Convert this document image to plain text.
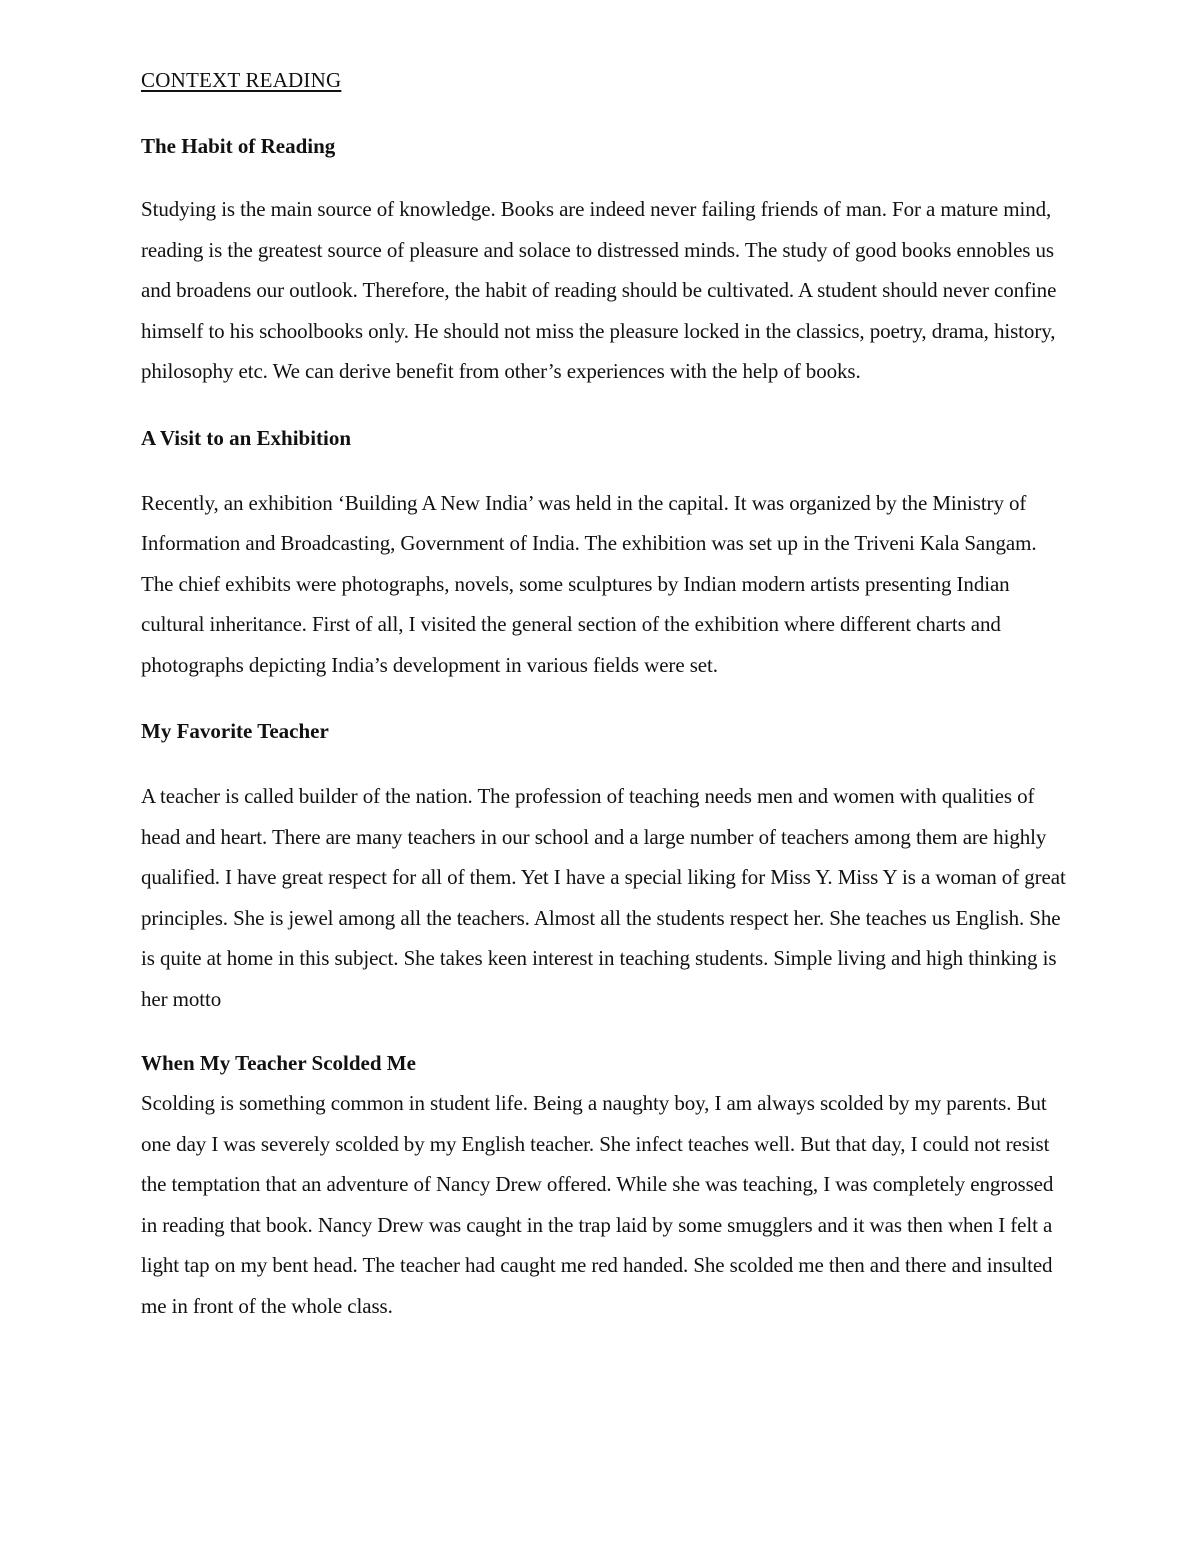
CONTEXT READING
The Habit of Reading

Studying is the main source of knowledge. Books are indeed never failing friends of man. For a mature mind, reading is the greatest source of pleasure and solace to distressed minds. The study of good books ennobles us and broadens our outlook. Therefore, the habit of reading should be cultivated. A student should never confine himself to his schoolbooks only. He should not miss the pleasure locked in the classics, poetry, drama, history, philosophy etc. We can derive benefit from other’s experiences with the help of books.

A Visit to an Exhibition

Recently, an exhibition ‘Building A New India’ was held in the capital. It was organized by the Ministry of Information and Broadcasting, Government of India. The exhibition was set up in the Triveni Kala Sangam. The chief exhibits were photographs, novels, some sculptures by Indian modern artists presenting Indian cultural inheritance. First of all, I visited the general section of the exhibition where different charts and photographs depicting India’s development in various fields were set.

My Favorite Teacher

A teacher is called builder of the nation. The profession of teaching needs men and women with qualities of head and heart. There are many teachers in our school and a large number of teachers among them are highly qualified. I have great respect for all of them. Yet I have a special liking for Miss Y. Miss Y is a woman of great principles. She is jewel among all the teachers. Almost all the students respect her. She teaches us English. She is quite at home in this subject. She takes keen interest in teaching students. Simple living and high thinking is her motto

When My Teacher Scolded Me

Scolding is something common in student life. Being a naughty boy, I am always scolded by my parents. But one day I was severely scolded by my English teacher. She infect teaches well. But that day, I could not resist the temptation that an adventure of Nancy Drew offered. While she was teaching, I was completely engrossed in reading that book. Nancy Drew was caught in the trap laid by some smugglers and it was then when I felt a light tap on my bent head. The teacher had caught me red handed. She scolded me then and there and insulted me in front of the whole class.
